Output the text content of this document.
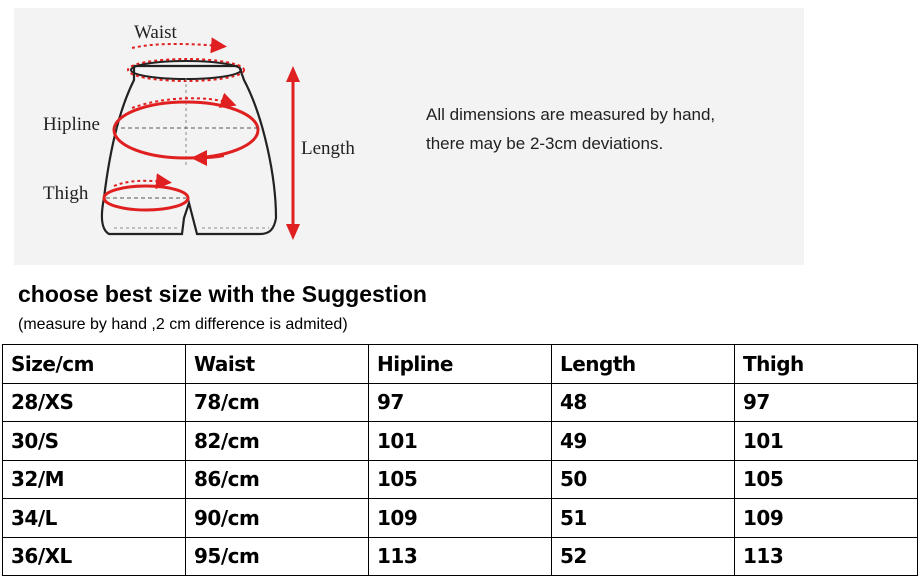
Waist
Hipline
Length
Thigh
All dimensions are measured by hand,
there may be 2-3cm deviations.
choose best size with the Suggestion
(measure by hand ,2 cm difference is admited)
Size/cm	Waist	Hipline	Length	Thigh
28/XS	78/cm	97	48	97
30/S	82/cm	101	49	101
32/M	86/cm	105	50	105
34/L	90/cm	109	51	109
36/XL	95/cm	113	52	113
